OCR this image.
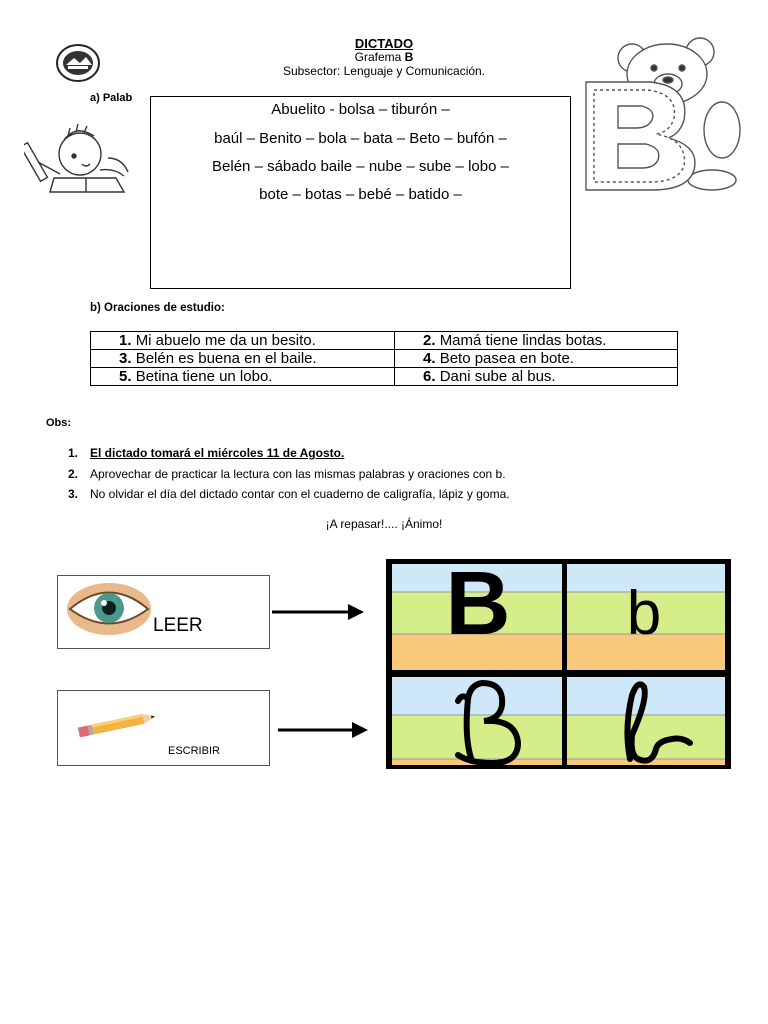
DICTADO
Grafema B
Subsector: Lenguaje y Comunicación.
a) Palab
Abuelito - bolsa – tiburón –
baúl – Benito – bola – bata – Beto – bufón –
Belén – sábado baile – nube – sube – lobo –
bote – botas – bebé – batido –
b) Oraciones de estudio:
1. Mi abuelo me da un besito.	2. Mamá tiene lindas botas.
3. Belén es buena en el baile.	4. Beto pasea en bote.
5. Betina tiene un lobo.	6. Dani sube al bus.
Obs:
1. El dictado tomará el miércoles 11 de Agosto.
2. Aprovechar de practicar la lectura con las mismas palabras y oraciones con b.
3. No olvidar el día del dictado contar con el cuaderno de caligrafía, lápiz y goma.
¡A repasar!.... ¡Ánimo!
LEER
ESCRIBIR
B b
